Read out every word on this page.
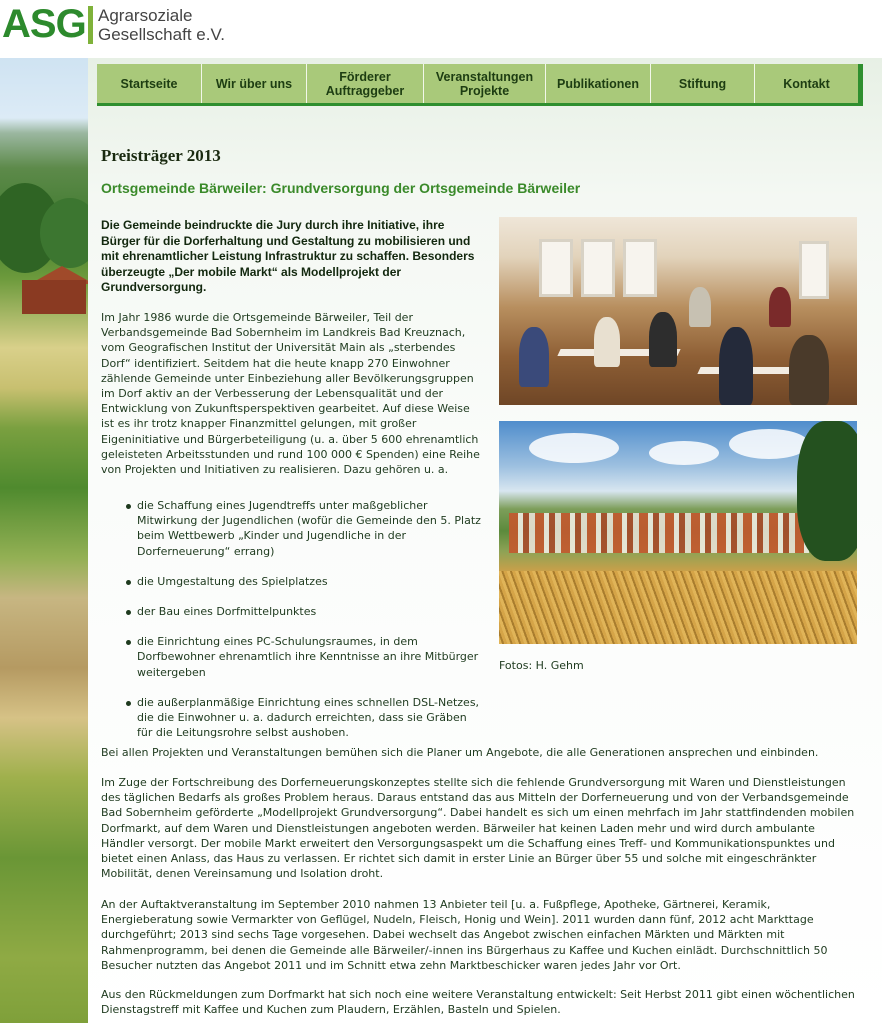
ASG Agrarsoziale
Gesellschaft e.V.
Startseite	Wir über uns	Förderer
Auftraggeber
Veranstaltungen
Projekte	Publikationen	Stiftung	Kontakt
Preisträger 2013
Ortsgemeinde Bärweiler: Grundversorgung der Ortsgemeinde Bärweiler

Die Gemeinde beindruckte die Jury durch ihre Initiative, ihre Bürger für die Dorferhaltung und Gestaltung zu mobilisieren und mit ehrenamtlicher Leistung Infrastruktur zu schaffen. Besonders überzeugte „Der mobile Markt“ als Modellprojekt der Grundversorgung.

Im Jahr 1986 wurde die Ortsgemeinde Bärweiler, Teil der Verbandsgemeinde Bad Sobernheim im Landkreis Bad Kreuznach, vom Geografischen Institut der Universität Main als „sterbendes Dorf“ identifiziert. Seitdem hat die heute knapp 270 Einwohner zählende Gemeinde unter Einbeziehung aller Bevölkerungsgruppen im Dorf aktiv an der Verbesserung der Lebensqualität und der Entwicklung von Zukunftsperspektiven gearbeitet. Auf diese Weise ist es ihr trotz knapper Finanzmittel gelungen, mit großer Eigeninitiative und Bürgerbeteiligung (u. a. über 5 600 ehrenamtlich geleisteten Arbeitsstunden und rund 100 000 € Spenden) eine Reihe von Projekten und Initiativen zu realisieren. Dazu gehören u. a.

die Schaffung eines Jugendtreffs unter maßgeblicher Mitwirkung der Jugendlichen (wofür die Gemeinde den 5. Platz beim Wettbewerb „Kinder und Jugendliche in der Dorferneuerung“ errang)
die Umgestaltung des Spielplatzes
der Bau eines Dorfmittelpunktes
die Einrichtung eines PC-Schulungsraumes, in dem Dorfbewohner ehrenamtlich ihre Kenntnisse an ihre Mitbürger weitergeben
die außerplanmäßige Einrichtung eines schnellen DSL-Netzes, die die Einwohner u. a. dadurch erreichten, dass sie Gräben für die Leitungsrohre selbst aushoben.
Fotos: H. Gehm

Bei allen Projekten und Veranstaltungen bemühen sich die Planer um Angebote, die alle Generationen ansprechen und einbinden.

Im Zuge der Fortschreibung des Dorferneuerungskonzeptes stellte sich die fehlende Grundversorgung mit Waren und Dienstleistungen des täglichen Bedarfs als großes Problem heraus. Daraus entstand das aus Mitteln der Dorferneuerung und von der Verbandsgemeinde Bad Sobernheim geförderte „Modellprojekt Grundversorgung“. Dabei handelt es sich um einen mehrfach im Jahr stattfindenden mobilen Dorfmarkt, auf dem Waren und Dienstleistungen angeboten werden. Bärweiler hat keinen Laden mehr und wird durch ambulante Händler versorgt. Der mobile Markt erweitert den Versorgungsaspekt um die Schaffung eines Treff- und Kommunikationspunktes und bietet einen Anlass, das Haus zu verlassen. Er richtet sich damit in erster Linie an Bürger über 55 und solche mit eingeschränkter Mobilität, denen Vereinsamung und Isolation droht.

An der Auftaktveranstaltung im September 2010 nahmen 13 Anbieter teil [u. a. Fußpflege, Apotheke, Gärtnerei, Keramik, Energieberatung sowie Vermarkter von Geflügel, Nudeln, Fleisch, Honig und Wein]. 2011 wurden dann fünf, 2012 acht Markttage durchgeführt; 2013 sind sechs Tage vorgesehen. Dabei wechselt das Angebot zwischen einfachen Märkten und Märkten mit Rahmenprogramm, bei denen die Gemeinde alle Bärweiler/-innen ins Bürgerhaus zu Kaffee und Kuchen einlädt. Durchschnittlich 50 Besucher nutzten das Angebot 2011 und im Schnitt etwa zehn Marktbeschicker waren jedes Jahr vor Ort.

Aus den Rückmeldungen zum Dorfmarkt hat sich noch eine weitere Veranstaltung entwickelt: Seit Herbst 2011 gibt einen wöchentlichen Dienstagstreff mit Kaffee und Kuchen zum Plaudern, Erzählen, Basteln und Spielen.
